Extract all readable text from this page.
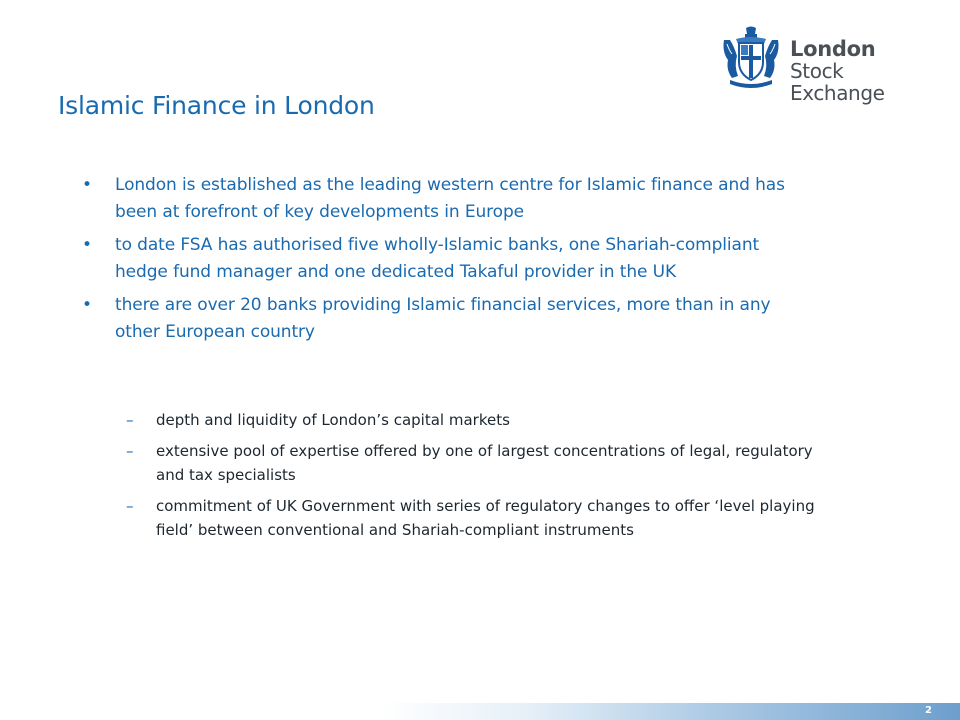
London
Stock Exchange
Islamic Finance in London
• London is established as the leading western centre for Islamic finance and has been at forefront of key developments in Europe
• to date FSA has authorised five wholly-Islamic banks, one Shariah-compliant hedge fund manager and one dedicated Takaful provider in the UK
• there are over 20 banks providing Islamic financial services, more than in any other European country
– depth and liquidity of London’s capital markets
– extensive pool of expertise offered by one of largest concentrations of legal, regulatory and tax specialists
– commitment of UK Government with series of regulatory changes to offer ‘level playing field’ between conventional and Shariah-compliant instruments
2
